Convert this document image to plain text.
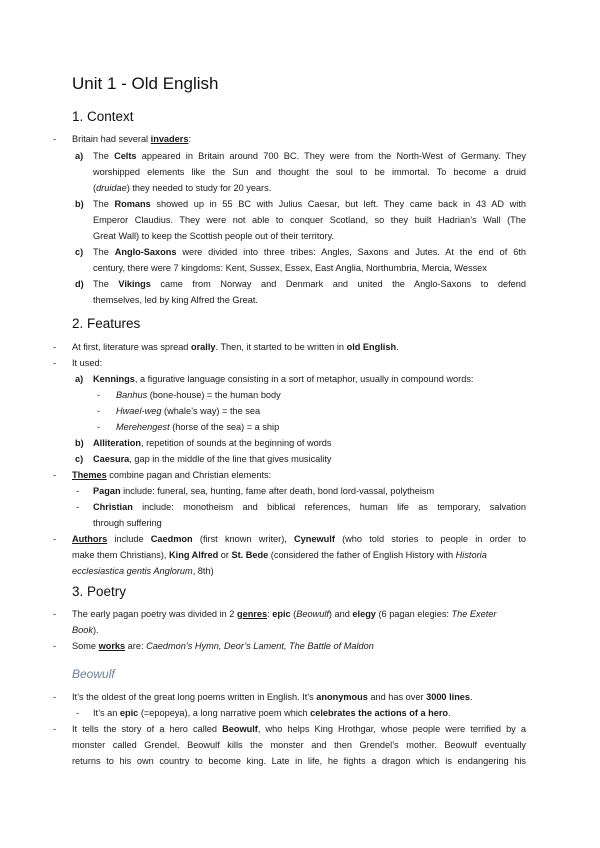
Unit 1 - Old English
1. Context
- Britain had several invaders:
a) The Celts appeared in Britain around 700 BC. They were from the North-West of Germany. They
worshipped elements like the Sun and thought the soul to be immortal. To become a druid
(druidae) they needed to study for 20 years.
b) The Romans showed up in 55 BC with Julius Caesar, but left. They came back in 43 AD with
Emperor Claudius. They were not able to conquer Scotland, so they built Hadrian’s Wall (The
Great Wall) to keep the Scottish people out of their territory.
c) The Anglo-Saxons were divided into three tribes: Angles, Saxons and Jutes. At the end of 6th
century, there were 7 kingdoms: Kent, Sussex, Essex, East Anglia, Northumbria, Mercia, Wessex
d) The Vikings came from Norway and Denmark and united the Anglo-Saxons to defend
themselves, led by king Alfred the Great.
2. Features
- At first, literature was spread orally. Then, it started to be written in old English.
- It used:
a) Kennings, a figurative language consisting in a sort of metaphor, usually in compound words:
- Banhus (bone-house) = the human body
- Hwael-weg (whale’s way) = the sea
- Merehengest (horse of the sea) = a ship
b) Alliteration, repetition of sounds at the beginning of words
c) Caesura, gap in the middle of the line that gives musicality
- Themes combine pagan and Christian elements:
- Pagan include: funeral, sea, hunting, fame after death, bond lord-vassal, polytheism
- Christian include: monotheism and biblical references, human life as temporary, salvation
through suffering
- Authors include Caedmon (first known writer), Cynewulf (who told stories to people in order to
make them Christians), King Alfred or St. Bede (considered the father of English History with Historia
ecclesiastica gentis Anglorum, 8th)
3. Poetry
- The early pagan poetry was divided in 2 genres: epic (Beowulf) and elegy (6 pagan elegies: The Exeter
Book).
- Some works are: Caedmon’s Hymn, Deor’s Lament, The Battle of Maldon
Beowulf
- It’s the oldest of the great long poems written in English. It’s anonymous and has over 3000 lines.
- It’s an epic (=epopeya), a long narrative poem which celebrates the actions of a hero.
- It tells the story of a hero called Beowulf, who helps King Hrothgar, whose people were terrified by a
monster called Grendel. Beowulf kills the monster and then Grendel’s mother. Beowulf eventually
returns to his own country to become king. Late in life, he fights a dragon which is endangering his
